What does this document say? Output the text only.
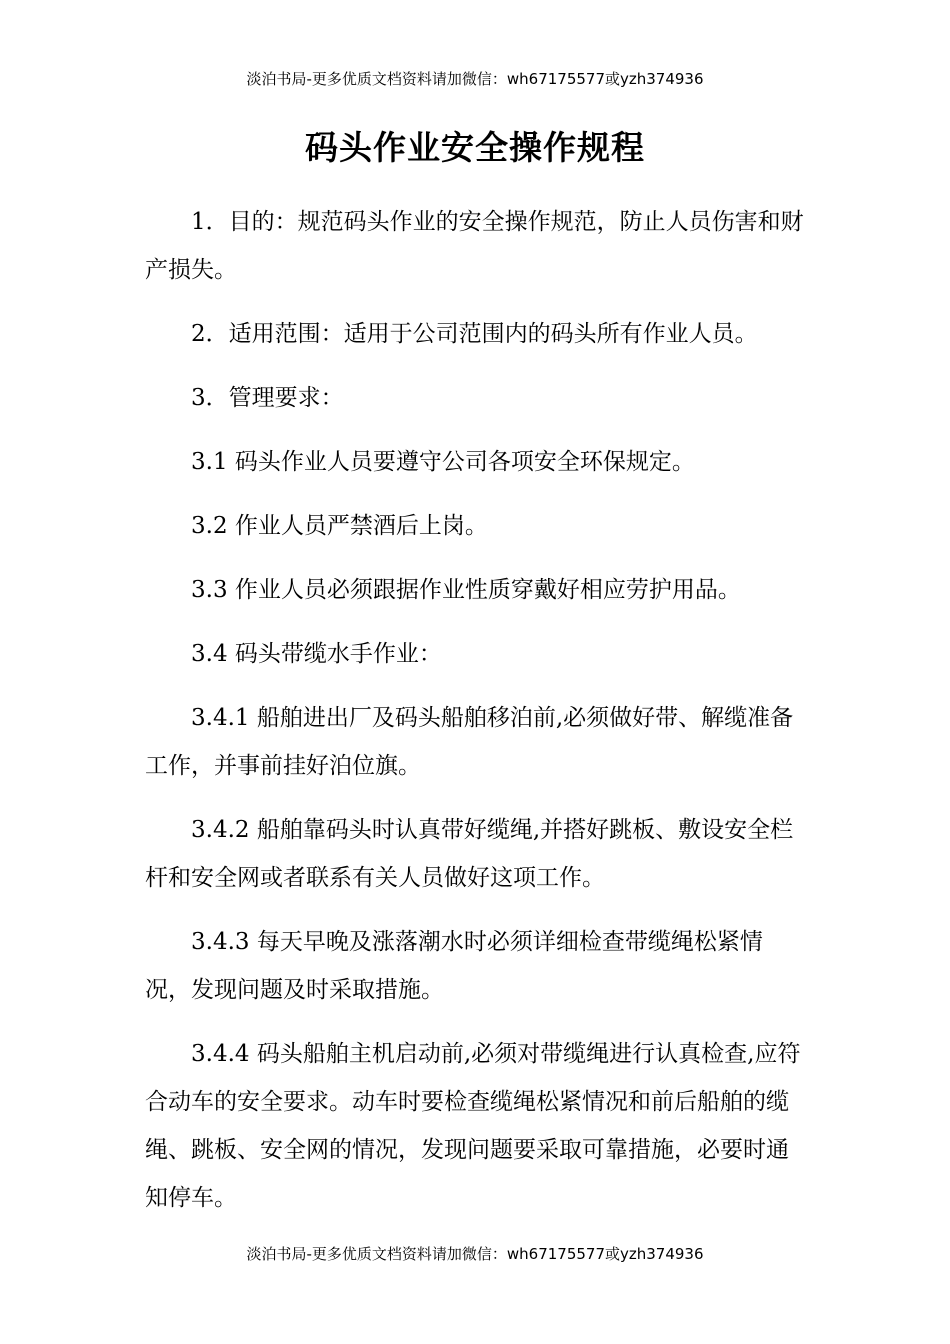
淡泊书局-更多优质文档资料请加微信：wh67175577或yzh374936
码头作业安全操作规程

1．目的：规范码头作业的安全操作规范，防止人员伤害和财产损失。

2．适用范围：适用于公司范围内的码头所有作业人员。

3．管理要求：

3.1 码头作业人员要遵守公司各项安全环保规定。

3.2 作业人员严禁酒后上岗。

3.3 作业人员必须跟据作业性质穿戴好相应劳护用品。

3.4 码头带缆水手作业：

3.4.1 船舶进出厂及码头船舶移泊前,必须做好带、解缆准备工作，并事前挂好泊位旗。

3.4.2 船舶靠码头时认真带好缆绳,并搭好跳板、敷设安全栏杆和安全网或者联系有关人员做好这项工作。

3.4.3 每天早晚及涨落潮水时必须详细检查带缆绳松紧情况，发现问题及时采取措施。

3.4.4 码头船舶主机启动前,必须对带缆绳进行认真检查,应符合动车的安全要求。动车时要检查缆绳松紧情况和前后船舶的缆绳、跳板、安全网的情况，发现问题要采取可靠措施，必要时通知停车。

淡泊书局-更多优质文档资料请加微信：wh67175577或yzh374936
